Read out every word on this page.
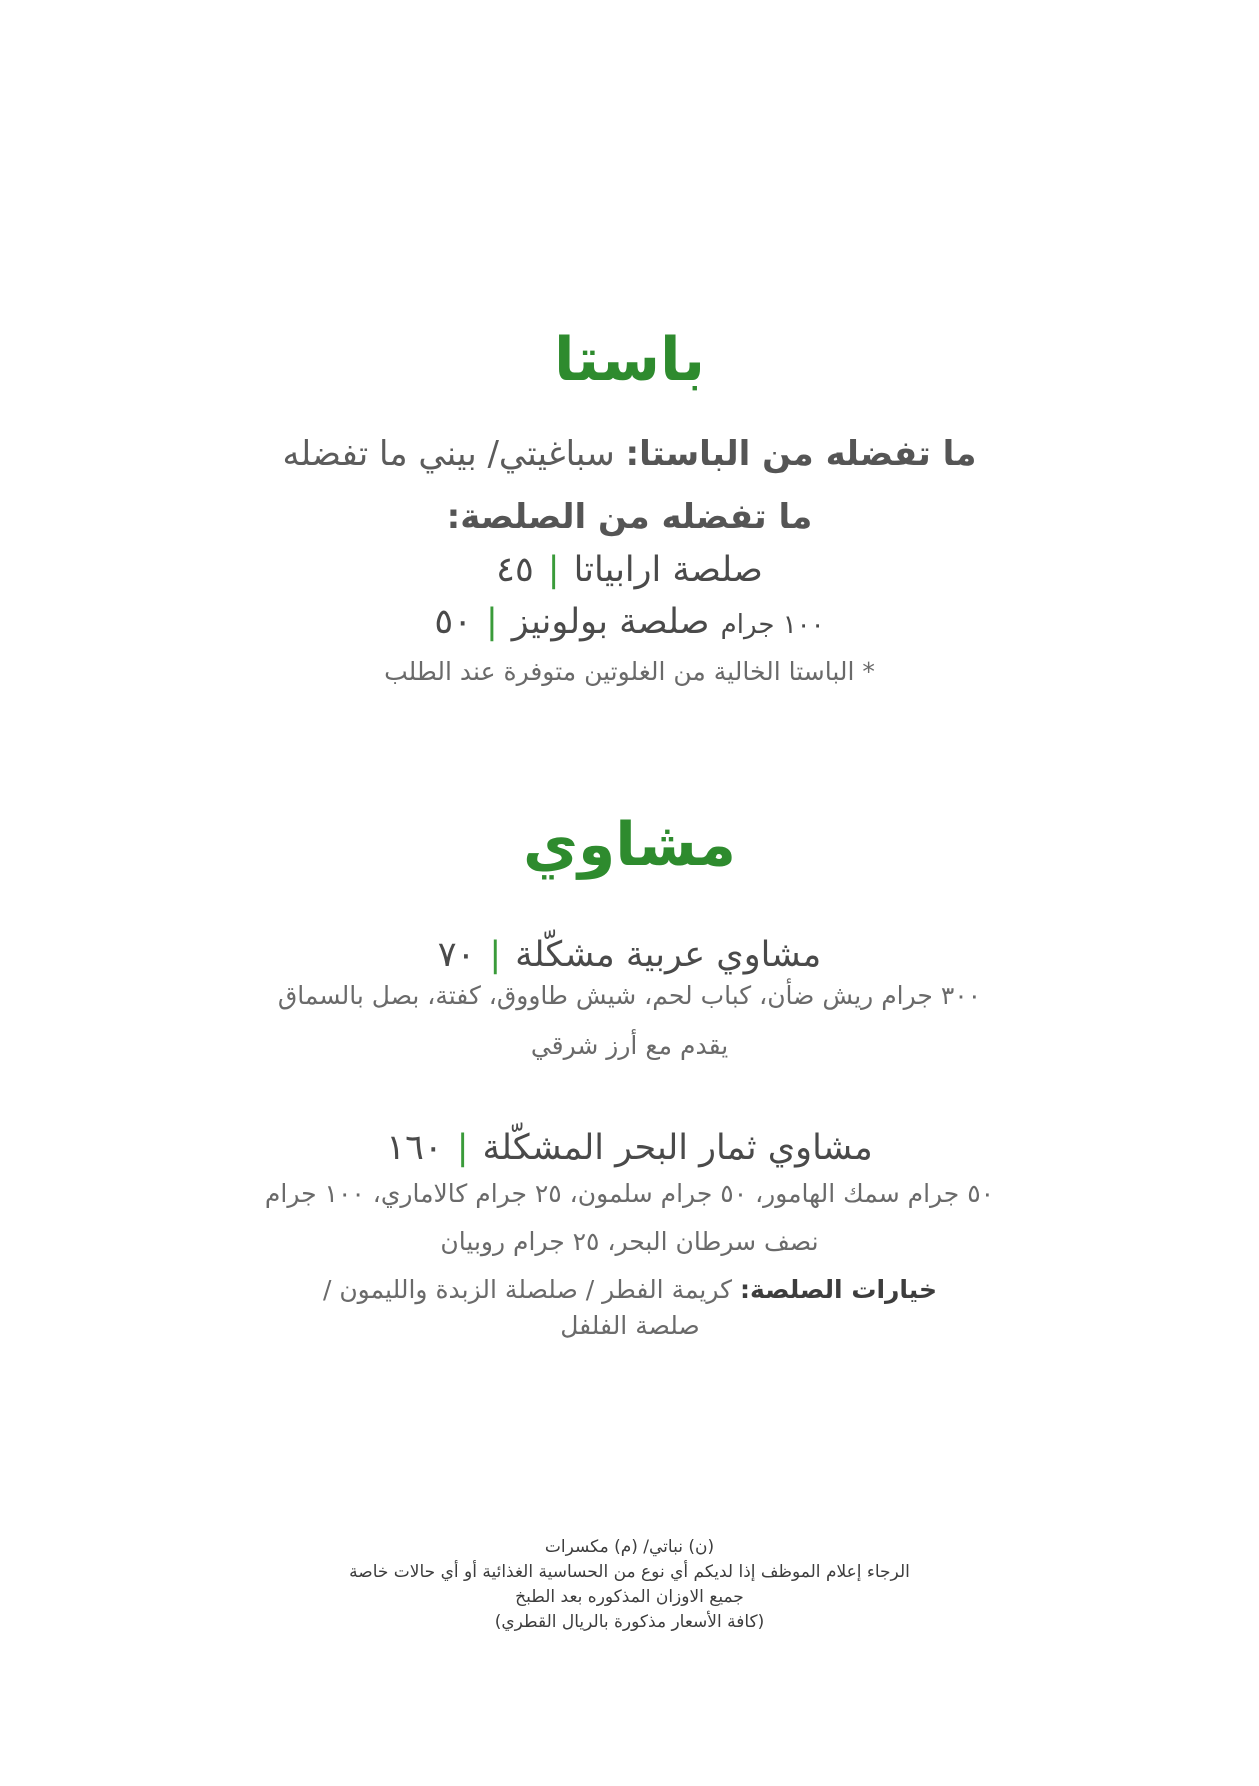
باستا
ما تفضله من الباستا: سباغيتي/ بيني ما تفضله
ما تفضله من الصلصة:
صلصة ارابياتا|٤٥
١٠٠ جرام صلصة بولونيز|٥٠
* الباستا الخالية من الغلوتين متوفرة عند الطلب
مشاوي
مشاوي عربية مشكّلة|٧٠
٣٠٠ جرام ريش ضأن، كباب لحم، شيش طاووق، كفتة، بصل بالسماق
يقدم مع أرز شرقي
مشاوي ثمار البحر المشكّلة|١٦٠
٥٠ جرام سمك الهامور، ٥٠ جرام سلمون، ٢٥ جرام كالاماري، ١٠٠ جرام
نصف سرطان البحر، ٢٥ جرام روبيان
خيارات الصلصة: كريمة الفطر / صلصلة الزبدة والليمون / صلصة الفلفل
(ن) نباتي/ (م) مكسرات
الرجاء إعلام الموظف إذا لديكم أي نوع من الحساسية الغذائية أو أي حالات خاصة
جميع الاوزان المذكوره بعد الطبخ
(كافة الأسعار مذكورة بالريال القطري)
